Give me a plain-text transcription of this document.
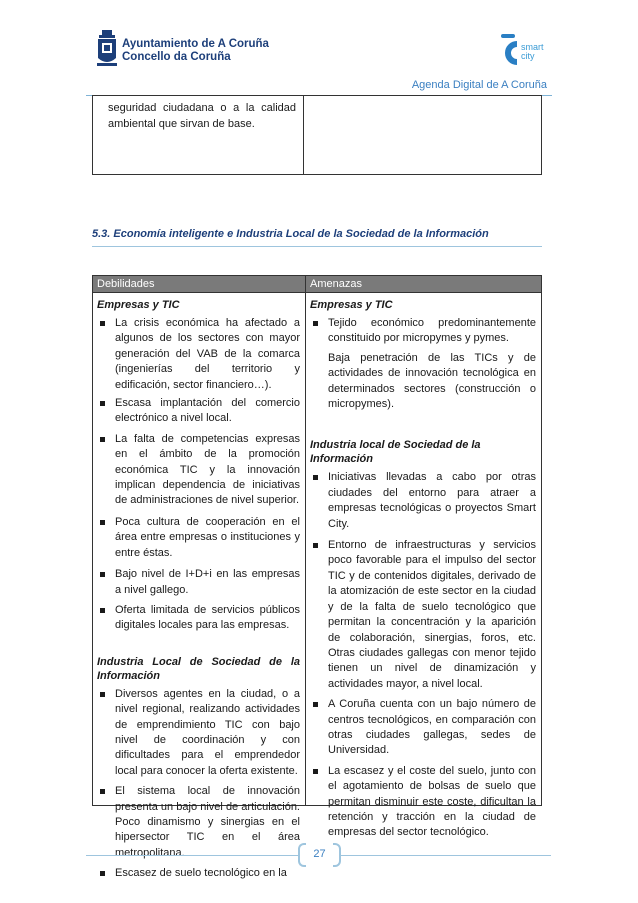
Ayuntamiento de A Coruña
Concello da Coruña
smart
city
Agenda Digital de A Coruña
seguridad ciudadana o a la calidad ambiental que sirvan de base.
5.3. Economía inteligente e Industria Local de la Sociedad de la Información
Debilidades	Amenazas
Empresas y TIC
La crisis económica ha afectado a algunos de los sectores con mayor generación del VAB de la comarca (ingenierías del territorio y edificación, sector financiero…).
Escasa implantación del comercio electrónico a nivel local.
La falta de competencias expresas en el ámbito de la promoción económica TIC y la innovación implican dependencia de iniciativas de administraciones de nivel superior.
Poca cultura de cooperación en el área entre empresas o instituciones y entre éstas.
Bajo nivel de I+D+i en las empresas a nivel gallego.
Oferta limitada de servicios públicos digitales locales para las empresas.
Industria Local de Sociedad de la Información
Diversos agentes en la ciudad, o a nivel regional, realizando actividades de emprendimiento TIC con bajo nivel de coordinación y con dificultades para el emprendedor local para conocer la oferta existente.
El sistema local de innovación presenta un bajo nivel de articulación. Poco dinamismo y sinergias en el hipersector TIC en el área metropolitana.
Escasez de suelo tecnológico en la
Empresas y TIC
Tejido económico predominantemente constituido por micropymes y pymes.
Baja penetración de las TICs y de actividades de innovación tecnológica en determinados sectores (construcción o micropymes).
Industria local de Sociedad de la Información
Iniciativas llevadas a cabo por otras ciudades del entorno para atraer a empresas tecnológicas o proyectos Smart City.
Entorno de infraestructuras y servicios poco favorable para el impulso del sector TIC y de contenidos digitales, derivado de la atomización de este sector en la ciudad y de la falta de suelo tecnológico que permitan la concentración y la aparición de colaboración, sinergias, foros, etc. Otras ciudades gallegas con menor tejido tienen un nivel de dinamización y actividades mayor, a nivel local.
A Coruña cuenta con un bajo número de centros tecnológicos, en comparación con otras ciudades gallegas, sedes de Universidad.
La escasez y el coste del suelo, junto con el agotamiento de bolsas de suelo que permitan disminuir este coste, dificultan la retención y tracción en la ciudad de empresas del sector tecnológico.
27
